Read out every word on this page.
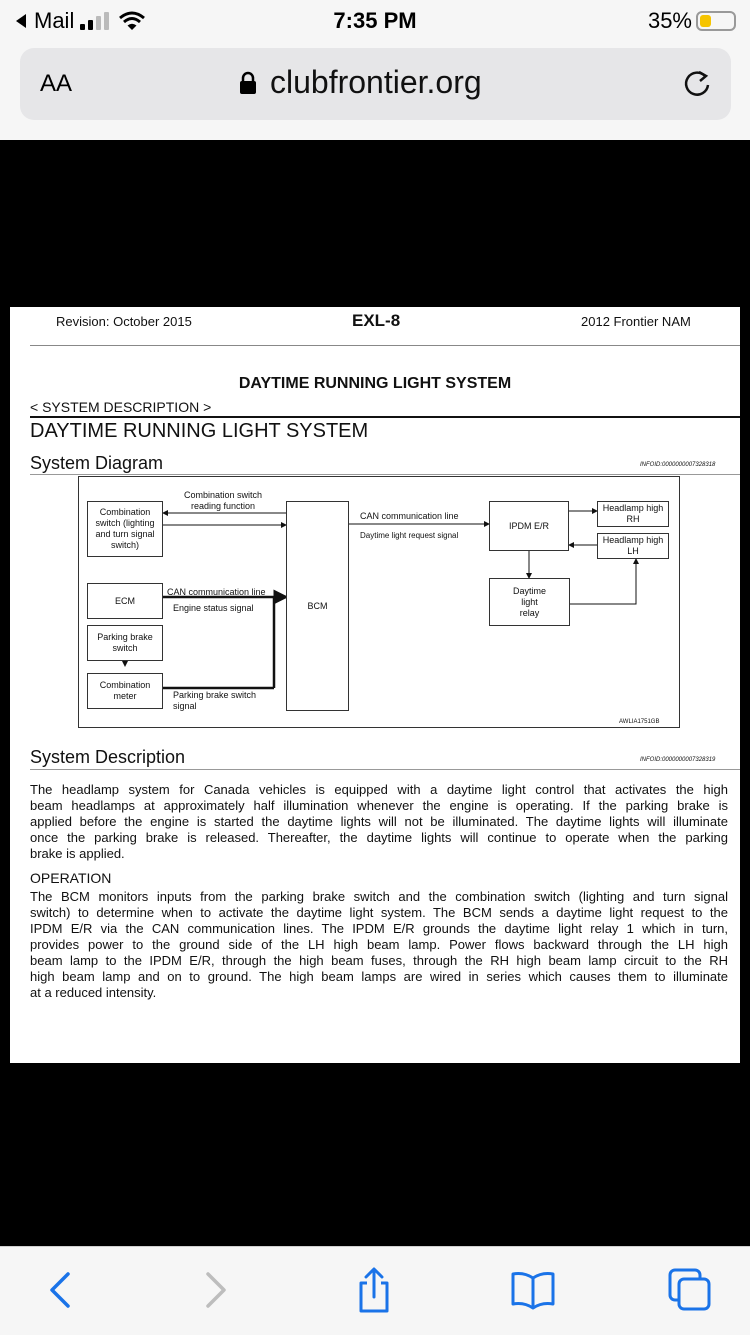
Mail	7:35 PM	35%
AA	clubfrontier.org
Revision: October 2015	EXL-8	2012 Frontier NAM
DAYTIME RUNNING LIGHT SYSTEM
< SYSTEM DESCRIPTION >
DAYTIME RUNNING LIGHT SYSTEM
System Diagram	INFOID:0000000007328318
Combination
switch (lighting
and turn signal
switch)
Combination switch
reading function
CAN communication line
Daytime light request signal
BCM
IPDM E/R
Headlamp high
RH
Headlamp high
LH
Daytime
light
relay
ECM
CAN communication line
Engine status signal
Parking brake
switch
Combination
meter	Parking brake switch
signal
AWLIA1751GB
System Description	INFOID:0000000007328319
The headlamp system for Canada vehicles is equipped with a daytime light control that activates the high
beam headlamps at approximately half illumination whenever the engine is operating. If the parking brake is
applied before the engine is started the daytime lights will not be illuminated. The daytime lights will illuminate
once the parking brake is released. Thereafter, the daytime lights will continue to operate when the parking
brake is applied.
OPERATION
The BCM monitors inputs from the parking brake switch and the combination switch (lighting and turn signal
switch) to determine when to activate the daytime light system. The BCM sends a daytime light request to the
IPDM E/R via the CAN communication lines. The IPDM E/R grounds the daytime light relay 1 which in turn,
provides power to the ground side of the LH high beam lamp. Power flows backward through the LH high
beam lamp to the IPDM E/R, through the high beam fuses, through the RH high beam lamp circuit to the RH
high beam lamp and on to ground. The high beam lamps are wired in series which causes them to illuminate
at a reduced intensity.
